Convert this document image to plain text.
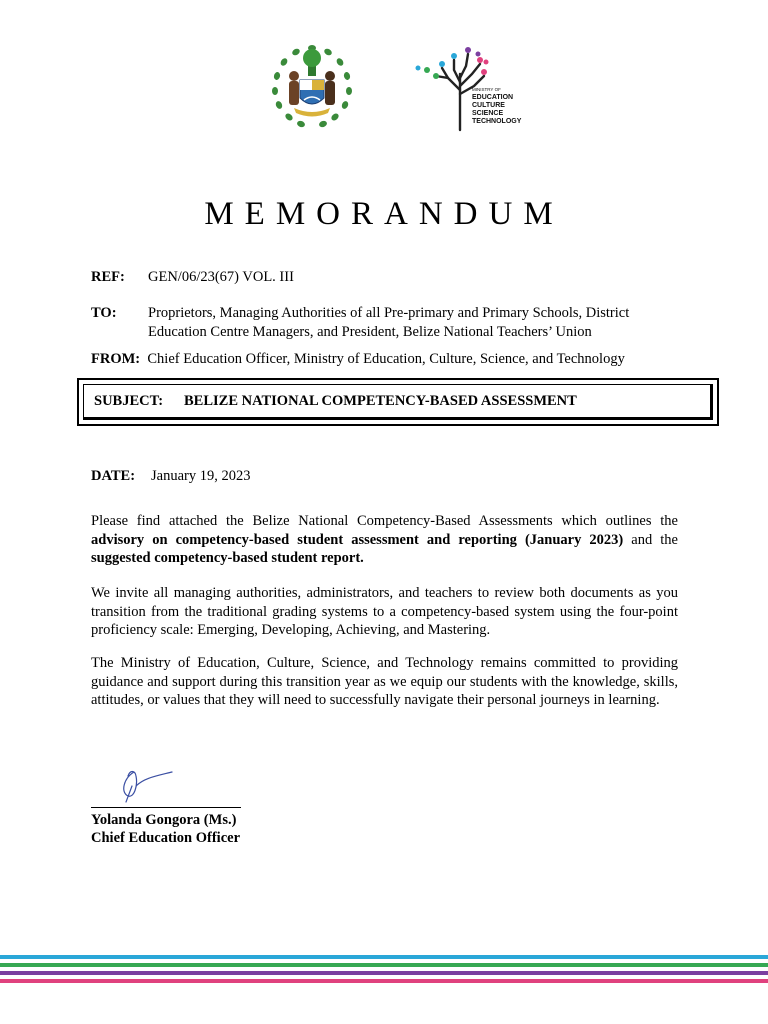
MINISTRY OF
EDUCATION
CULTURE
SCIENCE
TECHNOLOGY
MEMORANDUM
REF: GEN/06/23(67) VOL. III
TO:	Proprietors, Managing Authorities of all Pre-primary and Primary Schools, District Education Centre Managers, and President, Belize National Teachers’ Union
FROM: Chief Education Officer, Ministry of Education, Culture, Science, and Technology
SUBJECT:	BELIZE NATIONAL COMPETENCY-BASED ASSESSMENT
DATE: January 19, 2023
Please find attached the Belize National Competency-Based Assessments which outlines the advisory on competency-based student assessment and reporting (January 2023) and the suggested competency-based student report.
We invite all managing authorities, administrators, and teachers to review both documents as you transition from the traditional grading systems to a competency-based system using the four-point proficiency scale: Emerging, Developing, Achieving, and Mastering.
The Ministry of Education, Culture, Science, and Technology remains committed to providing guidance and support during this transition year as we equip our students with the knowledge, skills, attitudes, or values that they will need to successfully navigate their personal journeys in learning.
Yolanda Gongora (Ms.)
Chief Education Officer
